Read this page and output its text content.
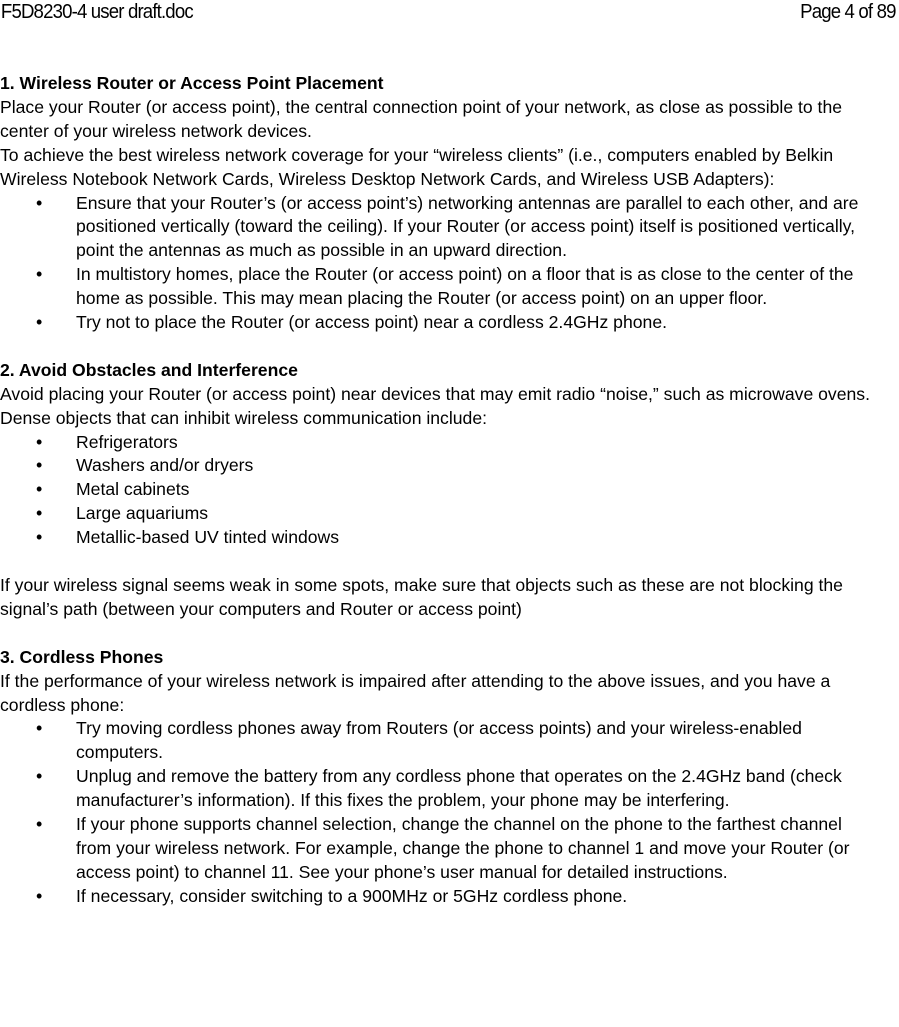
F5D8230-4 user draft.doc	Page 4 of 89
1. Wireless Router or Access Point Placement

Place your Router (or access point), the central connection point of your network, as close as possible to the center of your wireless network devices.

To achieve the best wireless network coverage for your “wireless clients” (i.e., computers enabled by Belkin Wireless Notebook Network Cards, Wireless Desktop Network Cards, and Wireless USB Adapters):

• Ensure that your Router’s (or access point’s) networking antennas are parallel to each other, and are positioned vertically (toward the ceiling). If your Router (or access point) itself is positioned vertically, point the antennas as much as possible in an upward direction.
• In multistory homes, place the Router (or access point) on a floor that is as close to the center of the home as possible. This may mean placing the Router (or access point) on an upper floor.
• Try not to place the Router (or access point) near a cordless 2.4GHz phone.
2. Avoid Obstacles and Interference

Avoid placing your Router (or access point) near devices that may emit radio “noise,” such as microwave ovens. Dense objects that can inhibit wireless communication include:

• Refrigerators
• Washers and/or dryers
• Metal cabinets
• Large aquariums
• Metallic-based UV tinted windows

If your wireless signal seems weak in some spots, make sure that objects such as these are not blocking the signal’s path (between your computers and Router or access point)

3. Cordless Phones

If the performance of your wireless network is impaired after attending to the above issues, and you have a cordless phone:

• Try moving cordless phones away from Routers (or access points) and your wireless-enabled computers.
• Unplug and remove the battery from any cordless phone that operates on the 2.4GHz band (check manufacturer’s information). If this fixes the problem, your phone may be interfering.
• If your phone supports channel selection, change the channel on the phone to the farthest channel from your wireless network. For example, change the phone to channel 1 and move your Router (or access point) to channel 11. See your phone’s user manual for detailed instructions.
• If necessary, consider switching to a 900MHz or 5GHz cordless phone.
